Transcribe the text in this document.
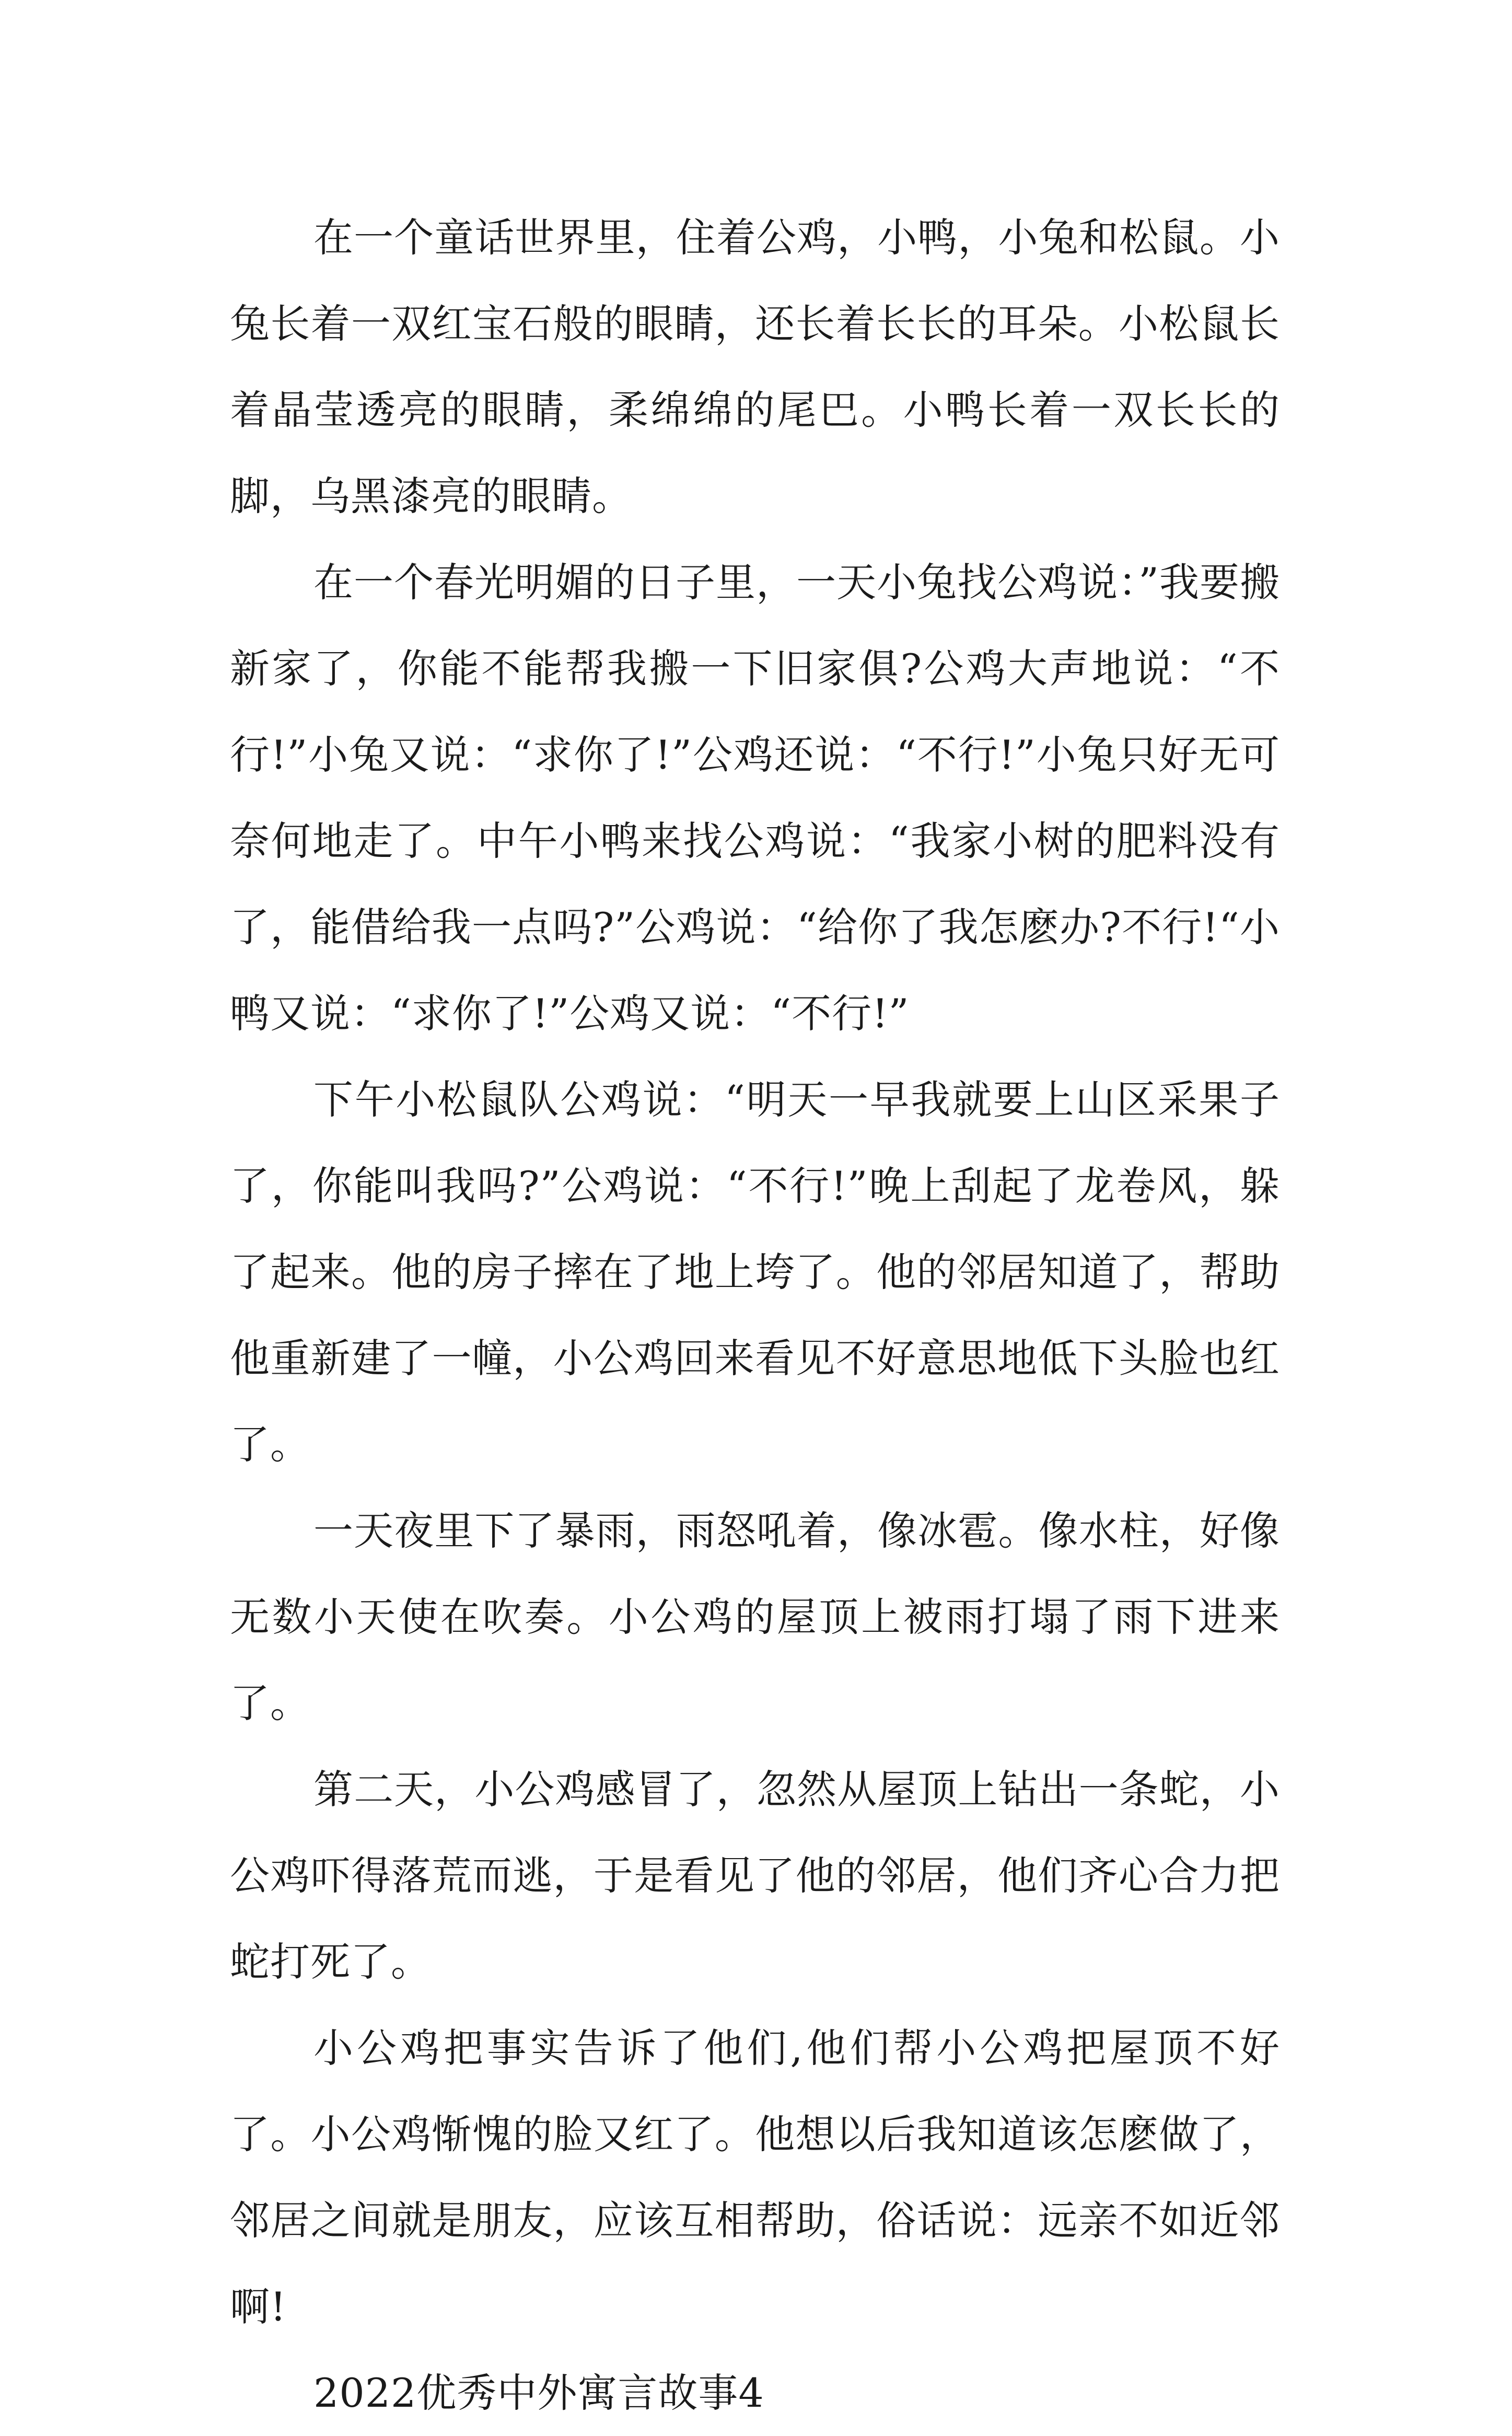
在一个童话世界里，住着公鸡，小鸭，小兔和松鼠。小兔长着一双红宝石般的眼睛，还长着长长的耳朵。小松鼠长着晶莹透亮的眼睛，柔绵绵的尾巴。小鸭长着一双长长的脚，乌黑漆亮的眼睛。

在一个春光明媚的日子里，一天小兔找公鸡说：”我要搬新家了，你能不能帮我搬一下旧家俱?公鸡大声地说：“不行!”小兔又说：“求你了!”公鸡还说：“不行!”小兔只好无可奈何地走了。中午小鸭来找公鸡说：“我家小树的肥料没有了，能借给我一点吗?”公鸡说：“给你了我怎麽办?不行!“小鸭又说：“求你了!”公鸡又说：“不行!”

下午小松鼠队公鸡说：“明天一早我就要上山区采果子了，你能叫我吗?”公鸡说：“不行!”晚上刮起了龙卷风，躲了起来。他的房子摔在了地上垮了。他的邻居知道了，帮助他重新建了一幢，小公鸡回来看见不好意思地低下头脸也红了。

一天夜里下了暴雨，雨怒吼着，像冰雹。像水柱，好像无数小天使在吹奏。小公鸡的屋顶上被雨打塌了雨下进来了。

第二天，小公鸡感冒了，忽然从屋顶上钻出一条蛇，小公鸡吓得落荒而逃，于是看见了他的邻居，他们齐心合力把蛇打死了。

小公鸡把事实告诉了他们,他们帮小公鸡把屋顶不好了。小公鸡惭愧的脸又红了。他想以后我知道该怎麽做了，邻居之间就是朋友，应该互相帮助，俗话说：远亲不如近邻啊!

2022优秀中外寓言故事4
